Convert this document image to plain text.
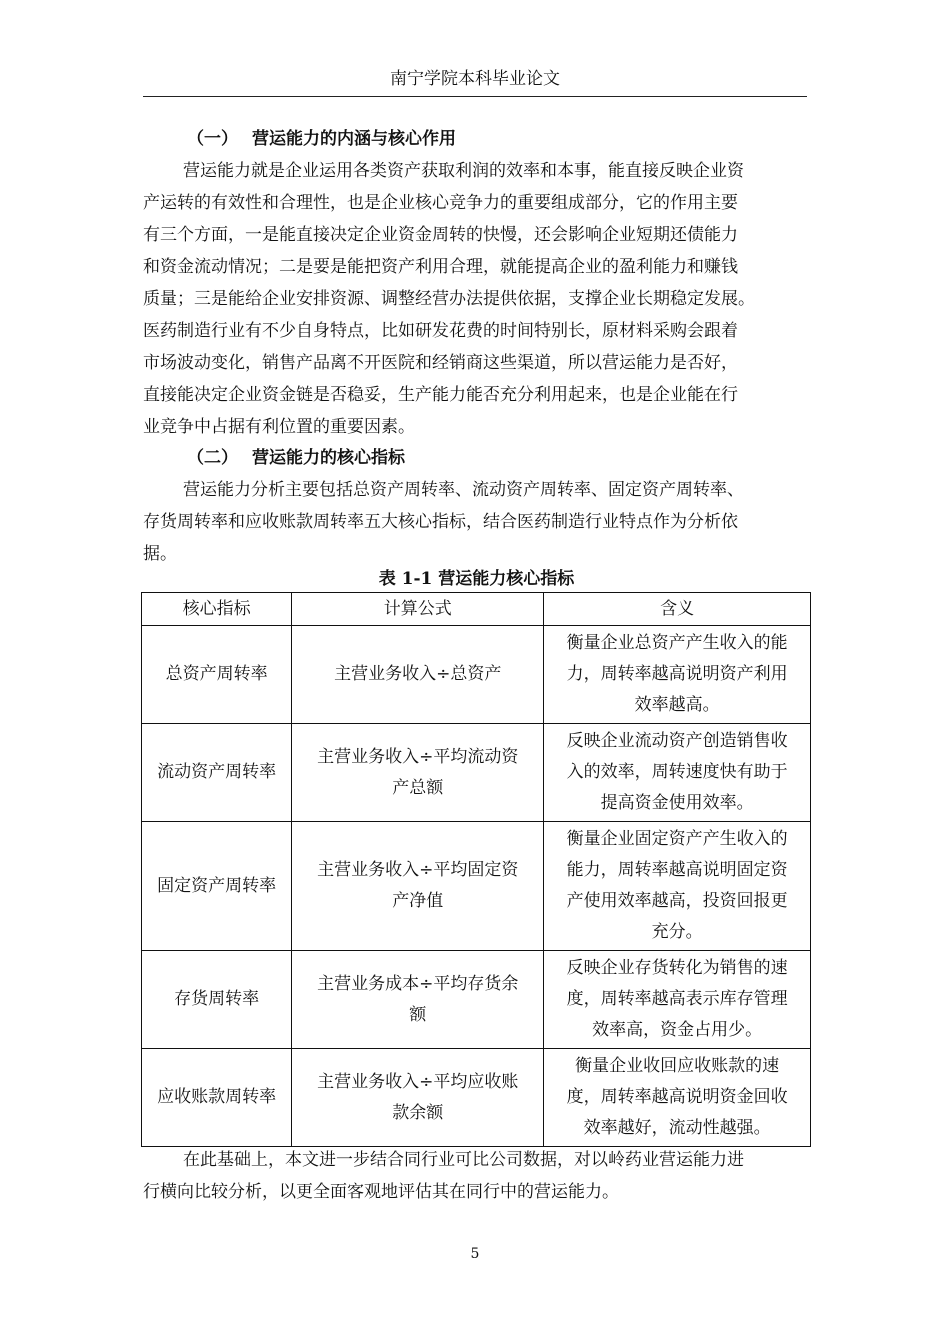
南宁学院本科毕业论文
（一） 营运能力的内涵与核心作用
营运能力就是企业运用各类资产获取利润的效率和本事，能直接反映企业资
产运转的有效性和合理性，也是企业核心竞争力的重要组成部分，它的作用主要
有三个方面，一是能直接决定企业资金周转的快慢，还会影响企业短期还债能力
和资金流动情况；二是要是能把资产利用合理，就能提高企业的盈利能力和赚钱
质量；三是能给企业安排资源、调整经营办法提供依据，支撑企业长期稳定发展。
医药制造行业有不少自身特点，比如研发花费的时间特别长，原材料采购会跟着
市场波动变化，销售产品离不开医院和经销商这些渠道，所以营运能力是否好，
直接能决定企业资金链是否稳妥，生产能力能否充分利用起来，也是企业能在行
业竞争中占据有利位置的重要因素。
（二） 营运能力的核心指标
营运能力分析主要包括总资产周转率、流动资产周转率、固定资产周转率、
存货周转率和应收账款周转率五大核心指标，结合医药制造行业特点作为分析依
据。
表 1-1 营运能力核心指标
核心指标	计算公式	含义
总资产周转率	主营业务收入÷总资产	衡量企业总资产产生收入的能
力，周转率越高说明资产利用
效率越高。

流动资产周转率	主营业务收入÷平均流动资
产总额	反映企业流动资产创造销售收
入的效率，周转速度快有助于
提高资金使用效率。

固定资产周转率	主营业务收入÷平均固定资
产净值	衡量企业固定资产产生收入的
能力，周转率越高说明固定资
产使用效率越高，投资回报更
充分。

存货周转率	主营业务成本÷平均存货余
额	反映企业存货转化为销售的速
度，周转率越高表示库存管理
效率高，资金占用少。

应收账款周转率	主营业务收入÷平均应收账
款余额	衡量企业收回应收账款的速
度，周转率越高说明资金回收
效率越好，流动性越强。
在此基础上，本文进一步结合同行业可比公司数据，对以岭药业营运能力进
行横向比较分析，以更全面客观地评估其在同行中的营运能力。
5
